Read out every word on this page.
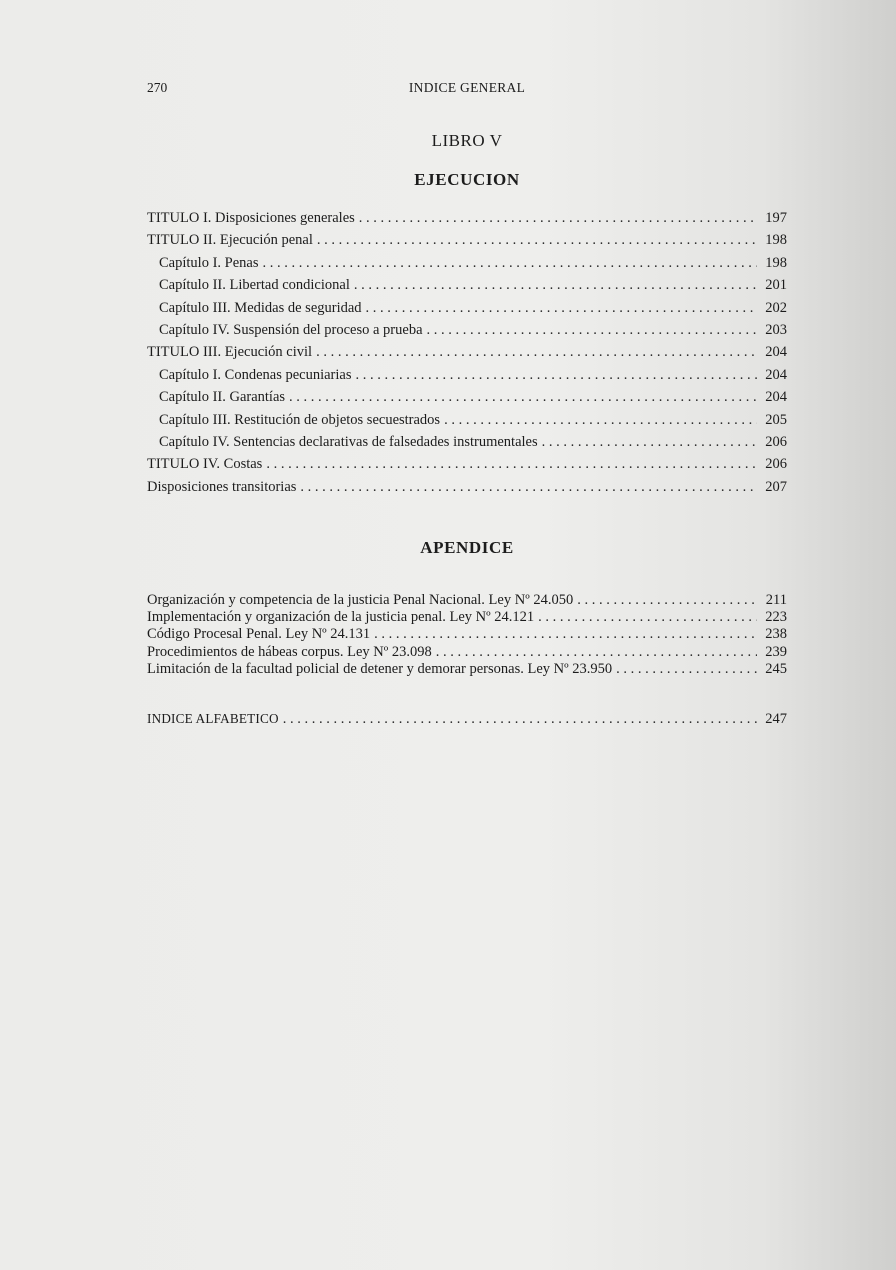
270	INDICE GENERAL
LIBRO V
EJECUCION
TITULO I. Disposiciones generales . . .	197
TITULO II. Ejecución penal . . .	198
Capítulo I. Penas . . .	198
Capítulo II. Libertad condicional . . .	201
Capítulo III. Medidas de seguridad . . .	202
Capítulo IV. Suspensión del proceso a prueba . . .	203
TITULO III. Ejecución civil . . .	204
Capítulo I. Condenas pecuniarias . . .	204
Capítulo II. Garantías . . .	204
Capítulo III. Restitución de objetos secuestrados . . .	205
Capítulo IV. Sentencias declarativas de falsedades instrumentales . . .	206
TITULO IV. Costas . . .	206
Disposiciones transitorias . . .	207
APENDICE
Organización y competencia de la justicia Penal Nacional. Ley Nº 24.050 . . .	211
Implementación y organización de la justicia penal. Ley Nº 24.121 . . .	223
Código Procesal Penal. Ley Nº 24.131 . . .	238
Procedimientos de hábeas corpus. Ley Nº 23.098 . . .	239
Limitación de la facultad policial de detener y demorar personas. Ley Nº 23.950 . . .	245
INDICE ALFABETICO . . .	247
